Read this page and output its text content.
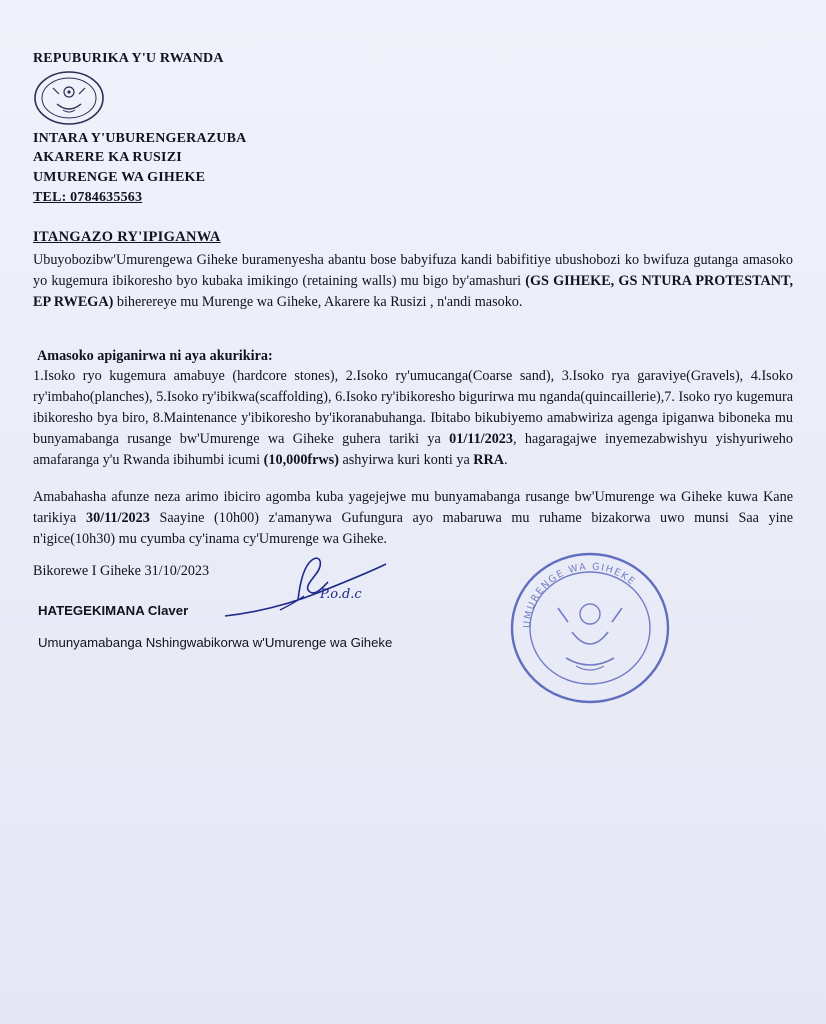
REPUBURIKA Y'U RWANDA
INTARA Y'UBURENGERAZUBA
AKARERE KA RUSIZI
UMURENGE WA GIHEKE
TEL: 0784635563
ITANGAZO RY'IPIGANWA
Ubuyobozibw'Umurengewa Giheke buramenyesha abantu bose babyifuza kandi babifitiye ubushobozi ko bwifuza gutanga amasoko yo kugemura ibikoresho byo kubaka imikingo (retaining walls) mu bigo by'amashuri (GS GIHEKE, GS NTURA PROTESTANT, EP RWEGA) biherereye mu Murenge wa Giheke, Akarere ka Rusizi , n'andi masoko.
Amasoko apiganirwa ni aya akurikira:
1.Isoko ryo kugemura amabuye (hardcore stones), 2.Isoko ry'umucanga(Coarse sand), 3.Isoko rya garaviye(Gravels), 4.Isoko ry'imbaho(planches), 5.Isoko ry'ibikwa(scaffolding), 6.Isoko ry'ibikoresho bigurirwa mu nganda(quincaillerie),7. Isoko ryo kugemura ibikoresho bya biro, 8.Maintenance y'ibikoresho by'ikoranabuhanga. Ibitabo bikubiyemo amabwiriza agenga ipiganwa biboneka mu bunyamabanga rusange bw'Umurenge wa Giheke guhera tariki ya 01/11/2023, hagaragajwe inyemezabwishyu yishyuriweho amafaranga y'u Rwanda ibihumbi icumi (10,000frws) ashyirwa kuri konti ya RRA.
Amabahasha afunze neza arimo ibiciro agomba kuba yagejejwe mu bunyamabanga rusange bw'Umurenge wa Giheke kuwa Kane tarikiya 30/11/2023 Saayine (10h00) z'amanywa Gufungura ayo mabaruwa mu ruhame bizakorwa uwo munsi Saa yine n'igice(10h30) mu cyumba cy'inama cy'Umurenge wa Giheke.
Bikorewe I Giheke 31/10/2023
P.o.d.c
HATEGEKIMANA Claver
Umunyamabanga Nshingwabikorwa w'Umurenge wa Giheke
UMURENGE WA GIHEKE
